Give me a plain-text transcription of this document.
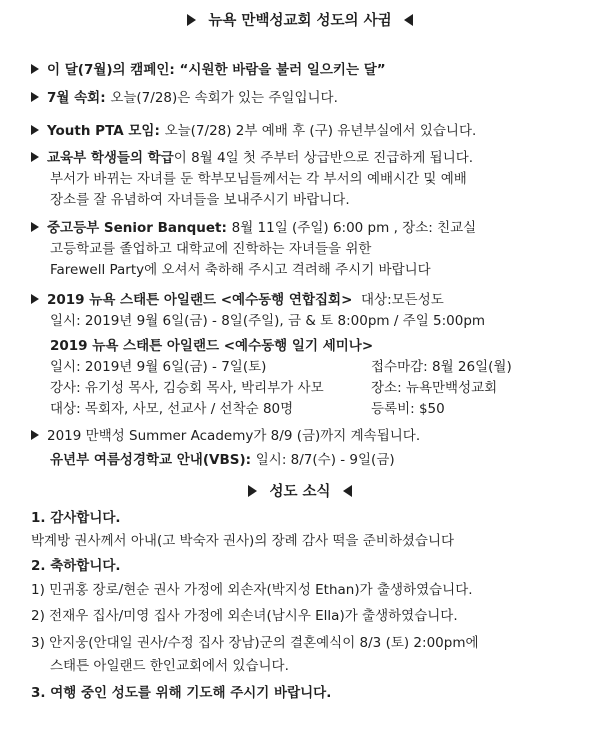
뉴욕 만백성교회 성도의 사귐
이 달(7월)의 캠페인: “시원한 바람을 불러 일으키는 달”
7월 속회: 오늘(7/28)은 속회가 있는 주일입니다.
Youth PTA 모임: 오늘(7/28) 2부 예배 후 (구) 유년부실에서 있습니다.
교육부 학생들의 학급이 8월 4일 첫 주부터 상급반으로 진급하게 됩니다.
부서가 바뀌는 자녀를 둔 학부모님들께서는 각 부서의 예배시간 및 예배
장소를 잘 유념하여 자녀들을 보내주시기 바랍니다.
중고등부 Senior Banquet: 8월 11일 (주일) 6:00 pm , 장소: 친교실
고등학교를 졸업하고 대학교에 진학하는 자녀들을 위한
Farewell Party에 오셔서 축하해 주시고 격려해 주시기 바랍니다
2019 뉴욕 스태튼 아일랜드 <예수동행 연합집회> 대상:모든성도
일시: 2019년 9월 6일(금) - 8일(주일), 금 & 토 8:00pm / 주일 5:00pm
2019 뉴욕 스태튼 아일랜드 <예수동행 일기 세미나>
일시: 2019년 9월 6일(금) - 7일(토)	접수마감: 8월 26일(월)
강사: 유기성 목사, 김승회 목사, 박리부가 사모	장소: 뉴욕만백성교회
대상: 목회자, 사모, 선교사 / 선착순 80명	등록비: $50
2019 만백성 Summer Academy가 8/9 (금)까지 계속됩니다.
유년부 여름성경학교 안내(VBS): 일시: 8/7(수) - 9일(금)
성도 소식
1. 감사합니다.
박계방 권사께서 아내(고 박숙자 권사)의 장례 감사 떡을 준비하셨습니다
2. 축하합니다.
1) 민귀홍 장로/현순 권사 가정에 외손자(박지성 Ethan)가 출생하였습니다.
2) 전재우 집사/미영 집사 가정에 외손녀(남시우 Ella)가 출생하였습니다.
3) 안지웅(안대일 권사/수정 집사 장남)군의 결혼예식이 8/3 (토) 2:00pm에
스태튼 아일랜드 한인교회에서 있습니다.
3. 여행 중인 성도를 위해 기도해 주시기 바랍니다.
